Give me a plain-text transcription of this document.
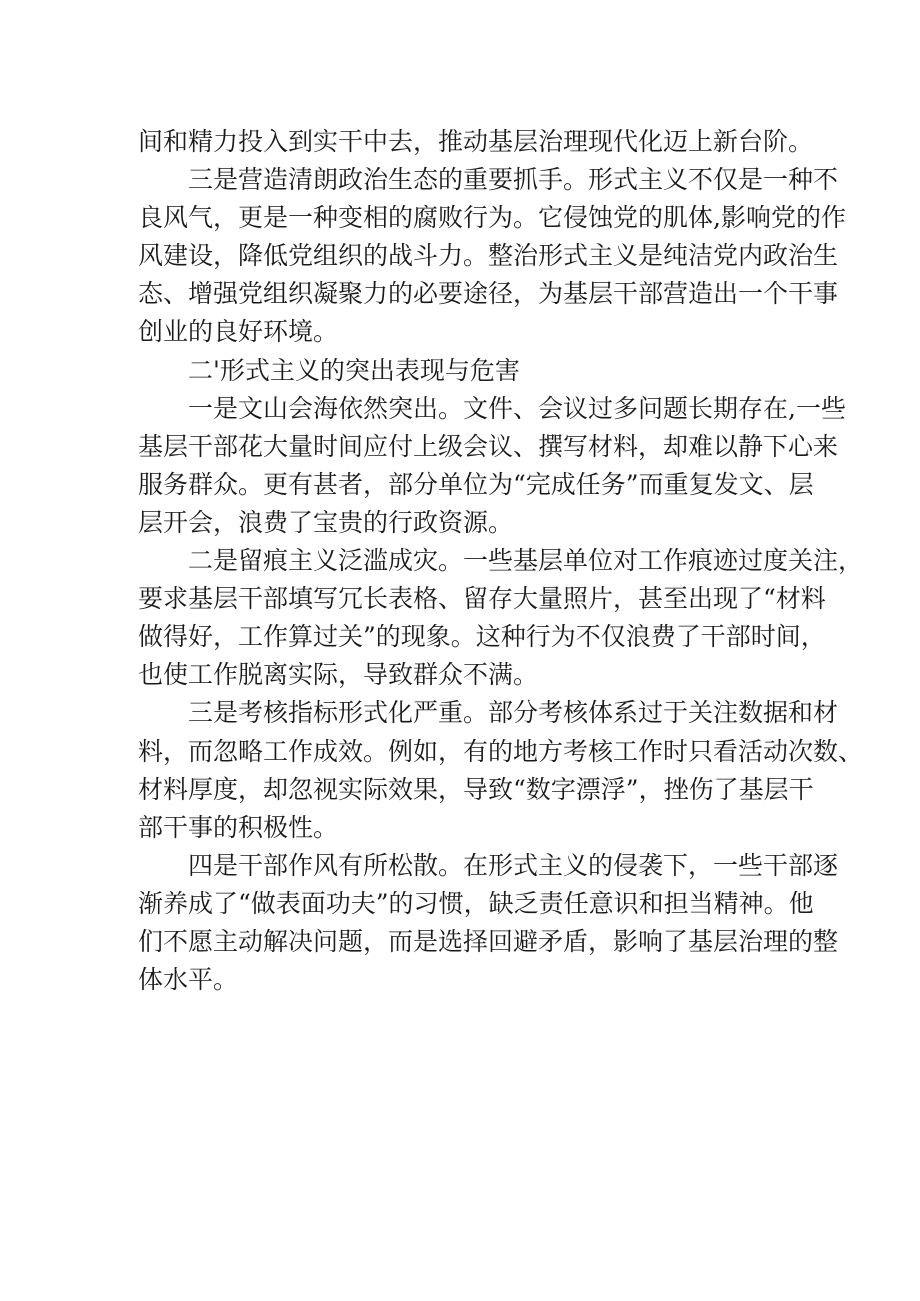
间和精力投入到实干中去，推动基层治理现代化迈上新台阶。
三是营造清朗政治生态的重要抓手。形式主义不仅是一种不
良风气，更是一种变相的腐败行为。它侵蚀党的肌体,影响党的作
风建设，降低党组织的战斗力。整治形式主义是纯洁党内政治生
态、增强党组织凝聚力的必要途径，为基层干部营造出一个干事
创业的良好环境。
二'形式主义的突出表现与危害
一是文山会海依然突出。文件、会议过多问题长期存在,一些
基层干部花大量时间应付上级会议、撰写材料，却难以静下心来
服务群众。更有甚者，部分单位为“完成任务”而重复发文、层
层开会，浪费了宝贵的行政资源。
二是留痕主义泛滥成灾。一些基层单位对工作痕迹过度关注，
要求基层干部填写冗长表格、留存大量照片，甚至出现了“材料
做得好，工作算过关”的现象。这种行为不仅浪费了干部时间，
也使工作脱离实际，导致群众不满。
三是考核指标形式化严重。部分考核体系过于关注数据和材
料，而忽略工作成效。例如，有的地方考核工作时只看活动次数、
材料厚度，却忽视实际效果，导致“数字漂浮”，挫伤了基层干
部干事的积极性。
四是干部作风有所松散。在形式主义的侵袭下，一些干部逐
渐养成了“做表面功夫”的习惯，缺乏责任意识和担当精神。他
们不愿主动解决问题，而是选择回避矛盾，影响了基层治理的整
体水平。
